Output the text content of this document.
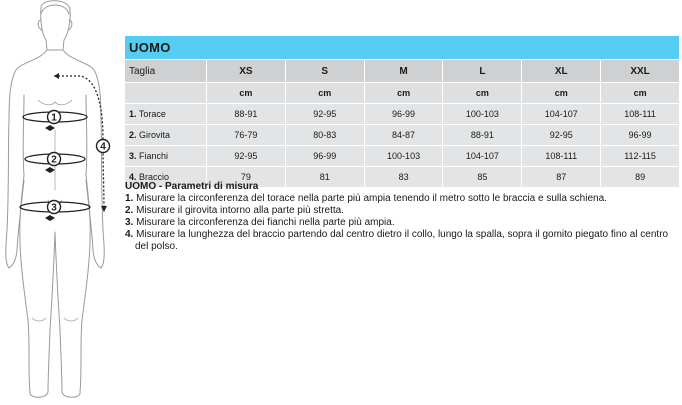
1
2
3
4
UOMO						
Taglia	XS	S	M	L	XL	XXL
	cm	cm	cm	cm	cm	cm
1. Torace	88-91	92-95	96-99	100-103	104-107	108-111
2. Girovita	76-79	80-83	84-87	88-91	92-95	96-99
3. Fianchi	92-95	96-99	100-103	104-107	108-111	112-115
4. Braccio	79	81	83	85	87	89
UOMO - Parametri di misura
1. Misurare la circonferenza del torace nella parte più ampia tenendo il metro sotto le braccia e sulla schiena.
2. Misurare il girovita intorno alla parte più stretta.
3. Misurare la circonferenza dei fianchi nella parte più ampia.
4. Misurare la lunghezza del braccio partendo dal centro dietro il collo, lungo la spalla, sopra il gomito piegato fino al centro del polso.
